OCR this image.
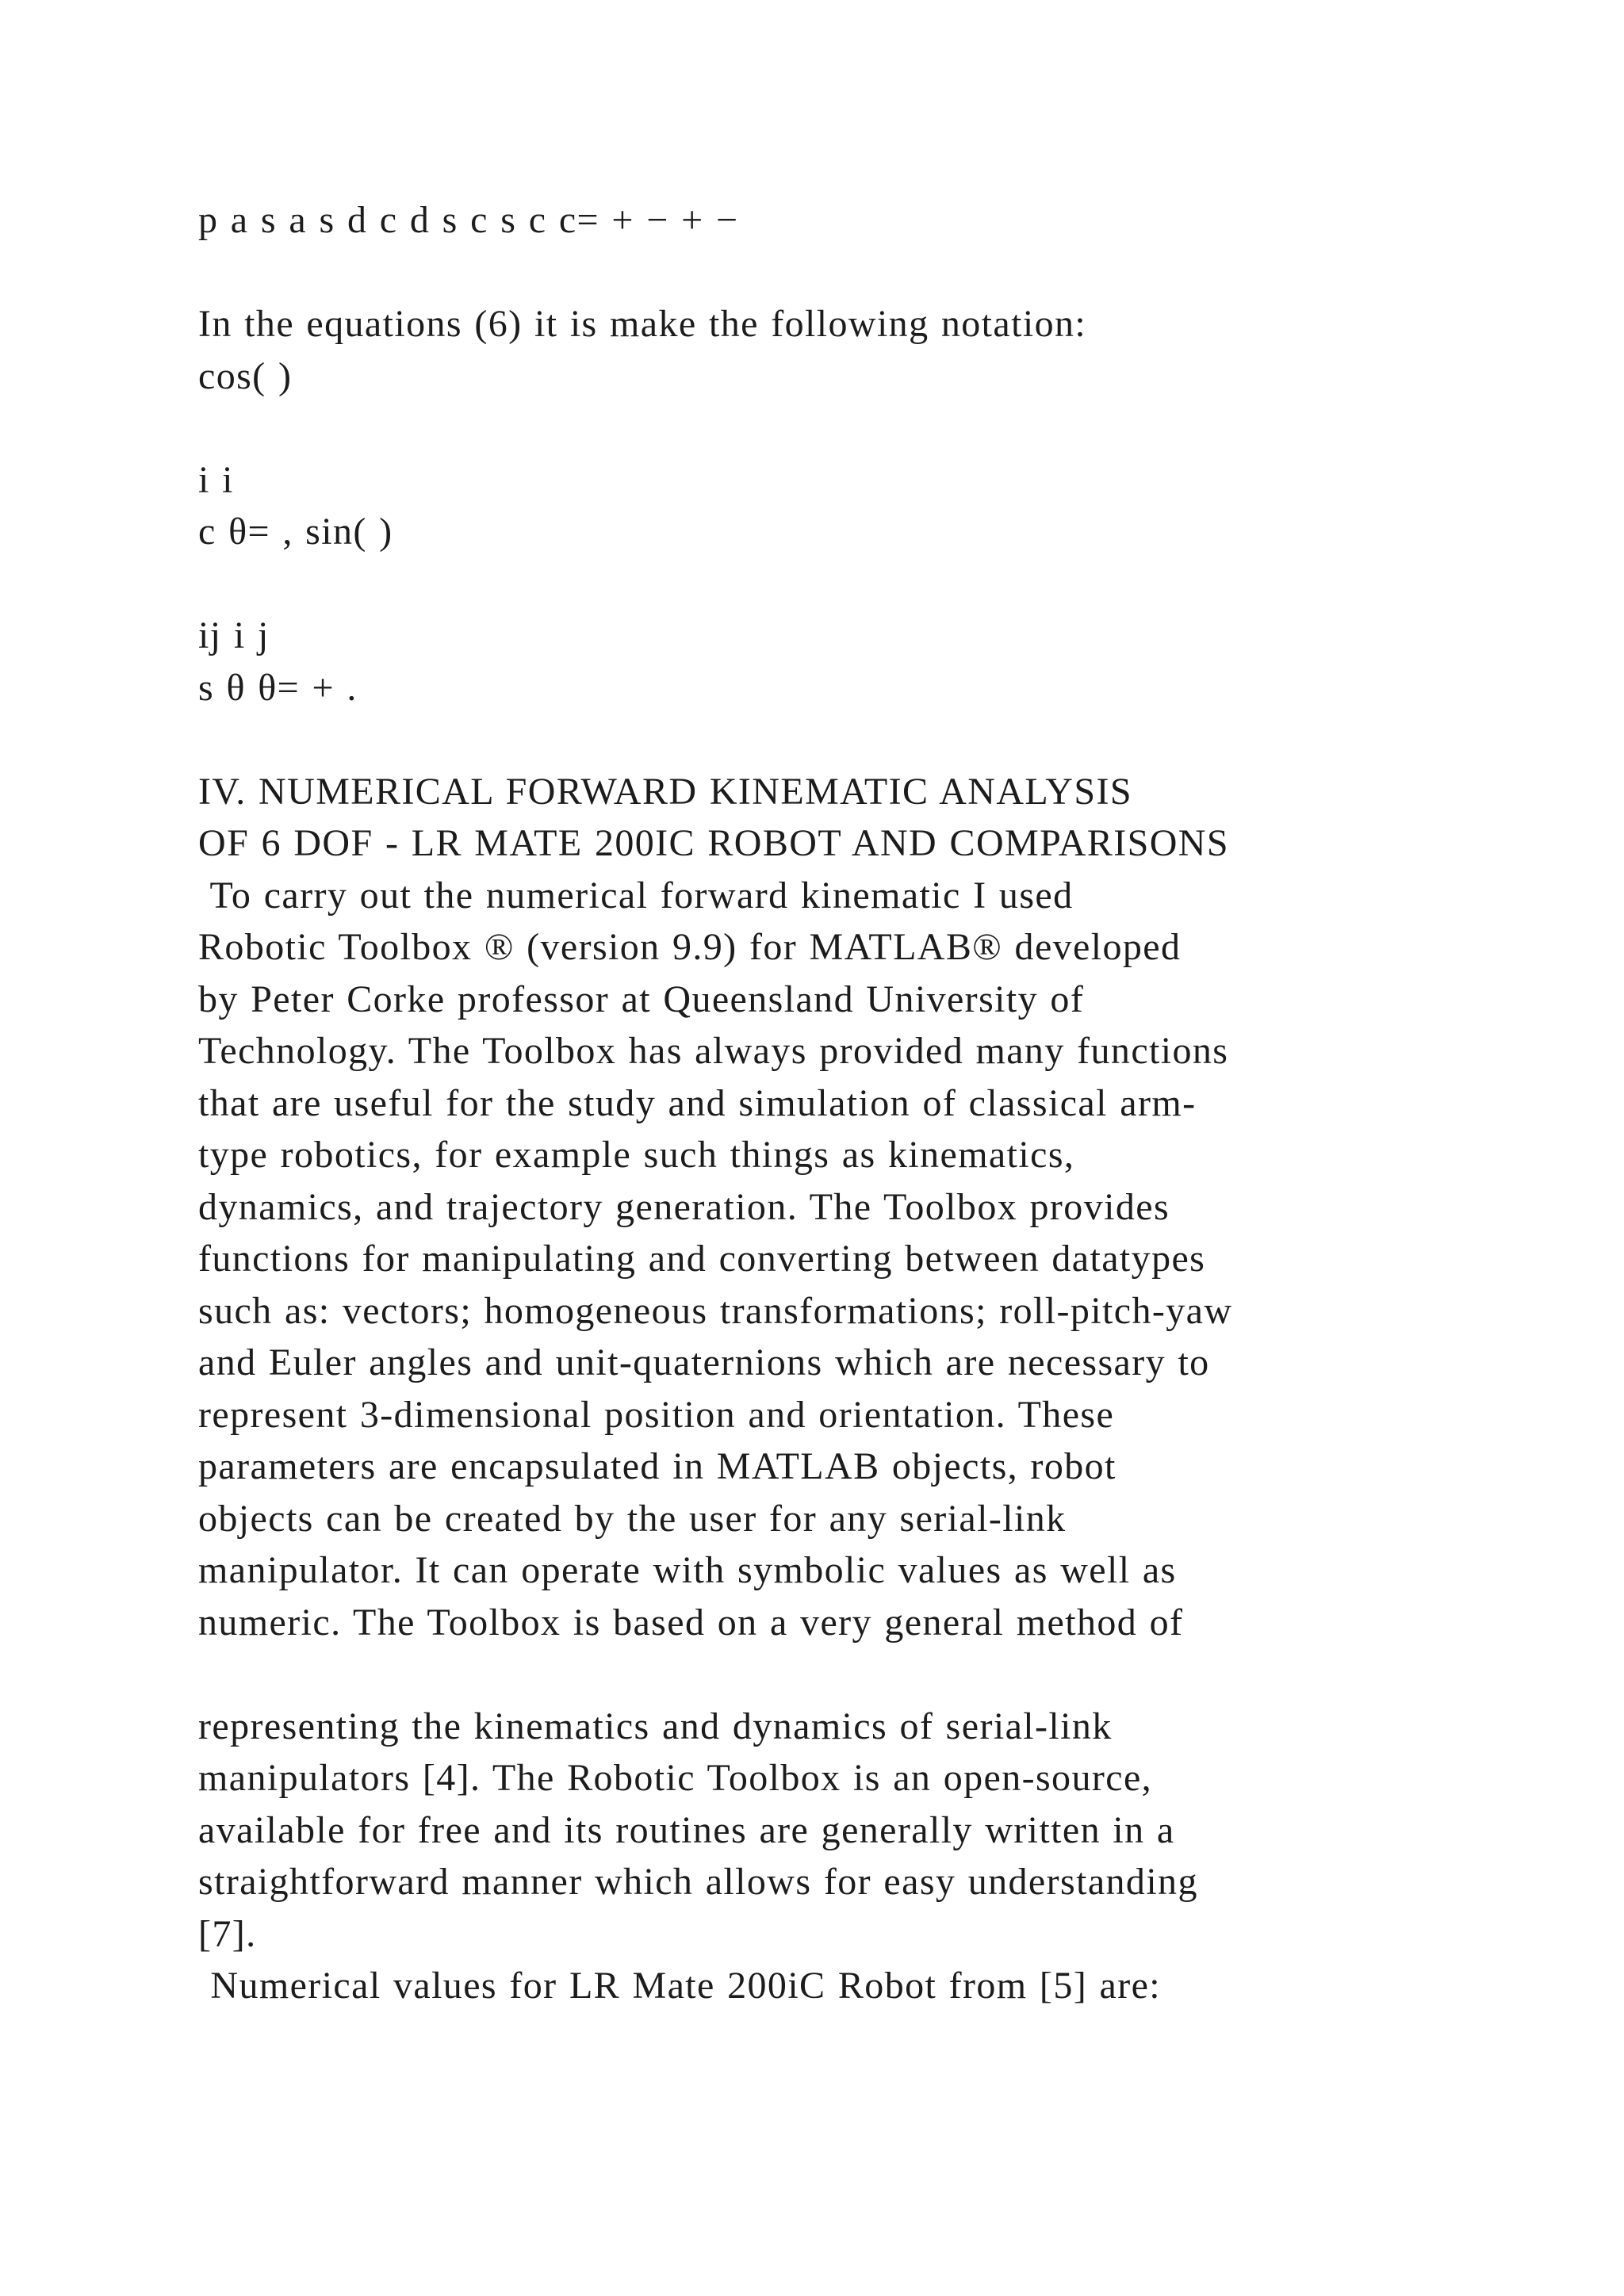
p a s a s d c d s c s c c= + − + −
In the equations (6) it is make the following notation:
cos( )
i i
c θ= , sin( )
ij i j
s θ θ= + .
IV. NUMERICAL FORWARD KINEMATIC ANALYSIS
OF 6 DOF - LR MATE 200IC ROBOT AND COMPARISONS
To carry out the numerical forward kinematic I used
Robotic Toolbox ® (version 9.9) for MATLAB® developed
by Peter Corke professor at Queensland University of
Technology. The Toolbox has always provided many functions
that are useful for the study and simulation of classical arm-
type robotics, for example such things as kinematics,
dynamics, and trajectory generation. The Toolbox provides
functions for manipulating and converting between datatypes
such as: vectors; homogeneous transformations; roll-pitch-yaw
and Euler angles and unit-quaternions which are necessary to
represent 3-dimensional position and orientation. These
parameters are encapsulated in MATLAB objects, robot
objects can be created by the user for any serial-link
manipulator. It can operate with symbolic values as well as
numeric. The Toolbox is based on a very general method of
representing the kinematics and dynamics of serial-link
manipulators [4]. The Robotic Toolbox is an open-source,
available for free and its routines are generally written in a
straightforward manner which allows for easy understanding
[7].
Numerical values for LR Mate 200iC Robot from [5] are:
